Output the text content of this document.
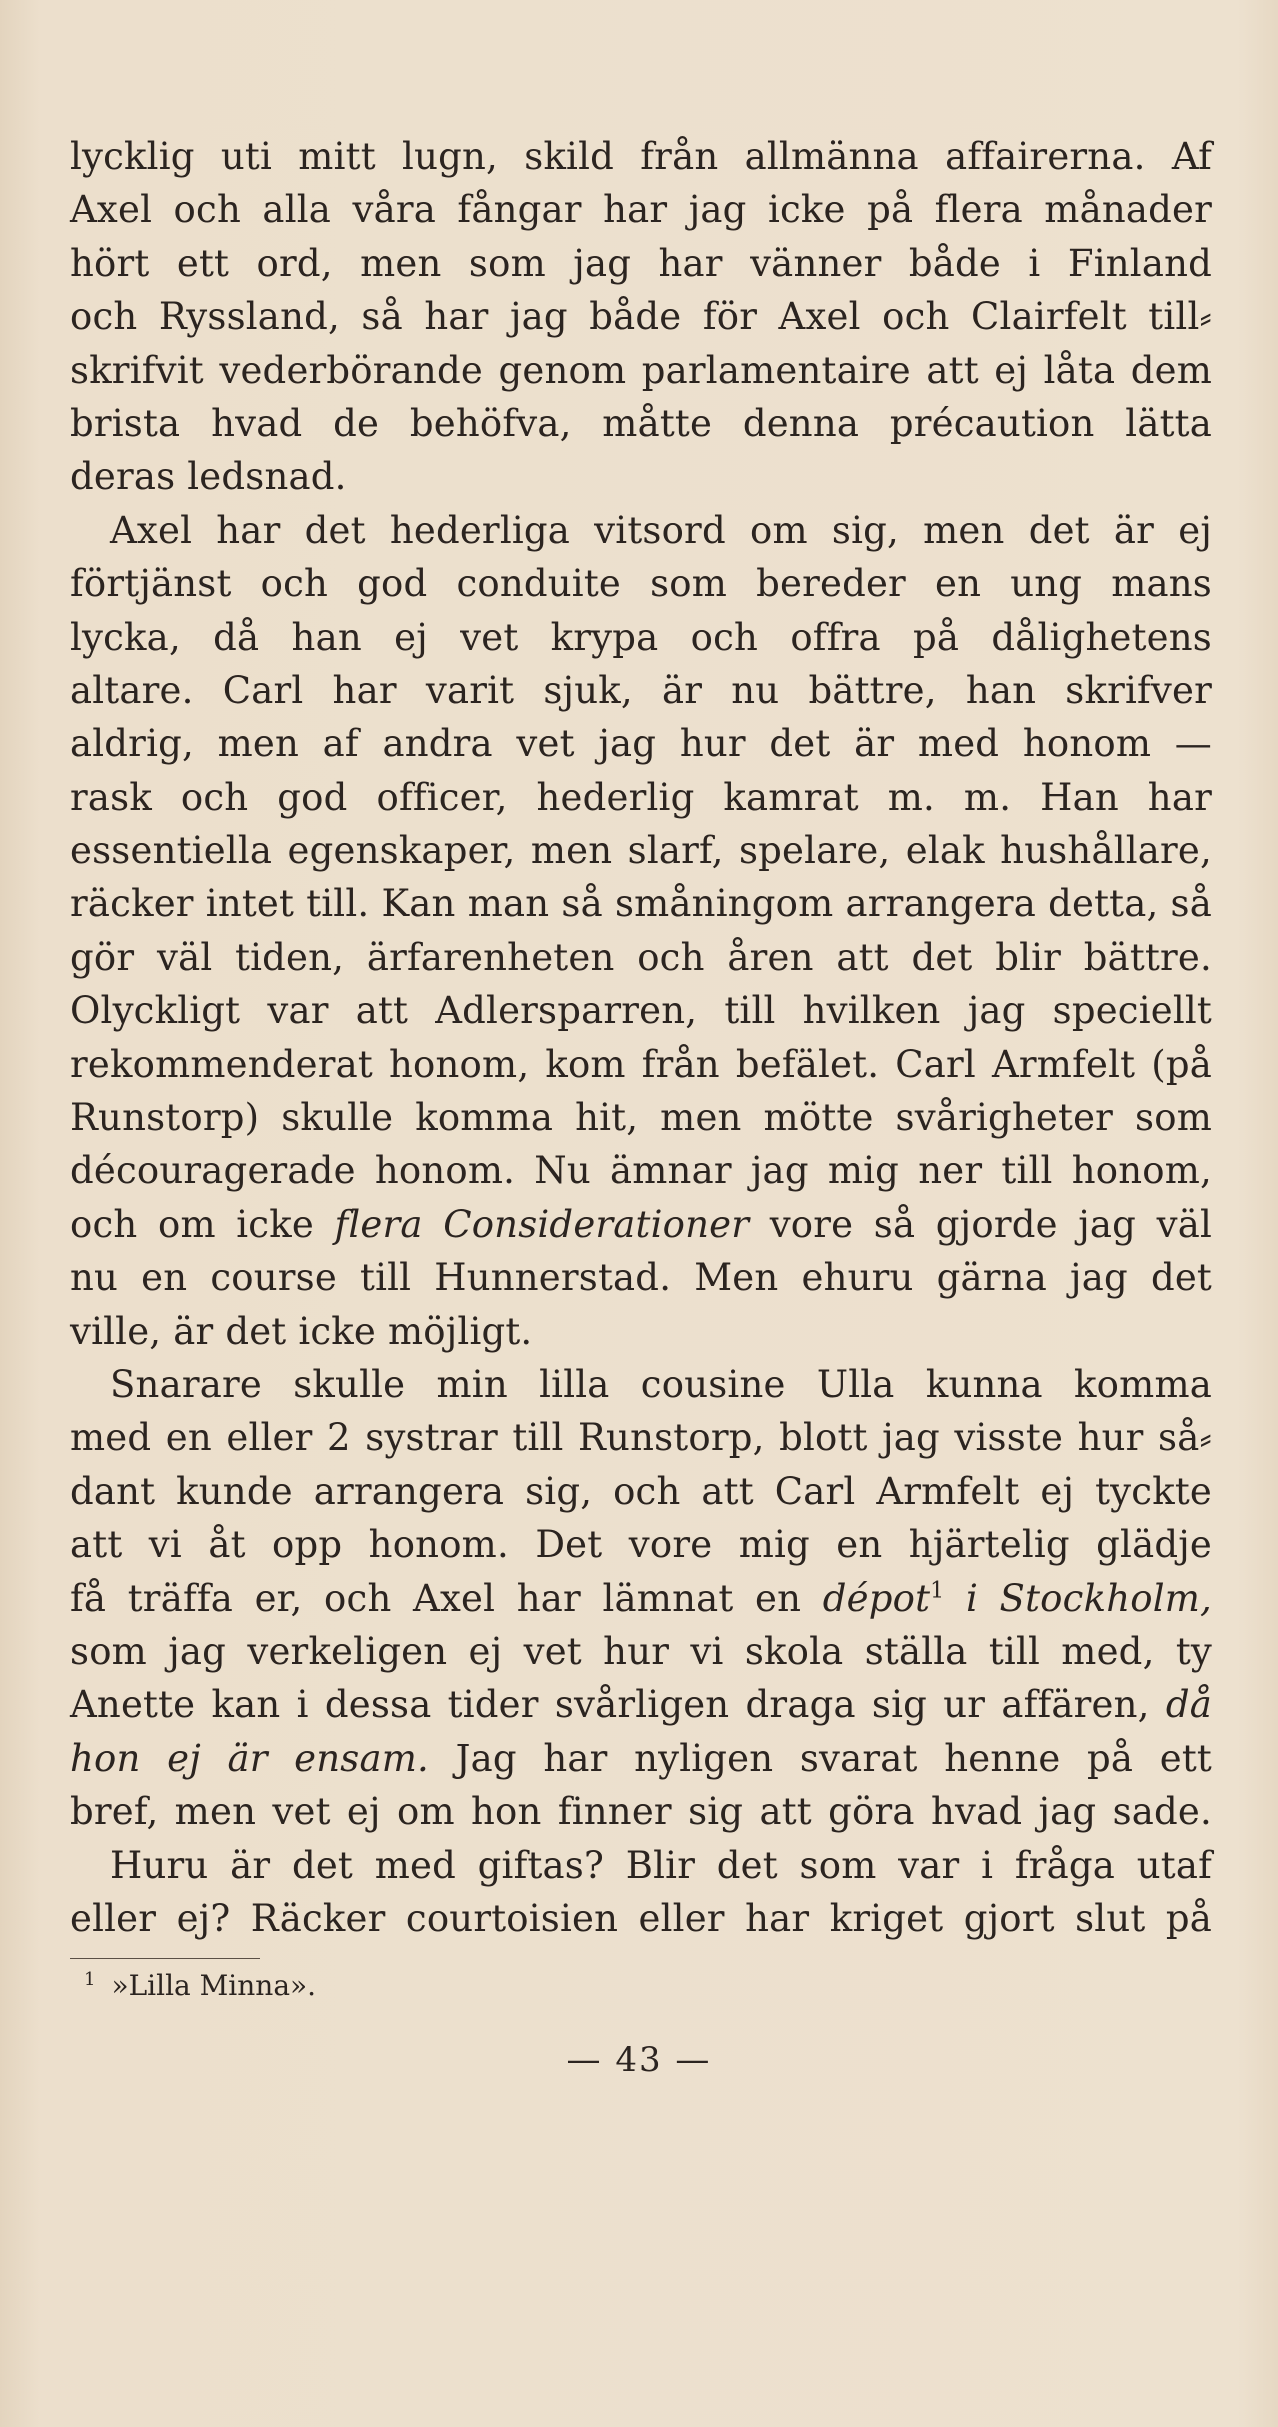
lycklig uti mitt lugn, skild från allmänna affairerna. Af
Axel och alla våra fångar har jag icke på flera månader
hört ett ord, men som jag har vänner både i Finland
och Ryssland, så har jag både för Axel och Clairfelt till⸗
skrifvit vederbörande genom parlamentaire att ej låta dem
brista hvad de behöfva, måtte denna précaution lätta
deras ledsnad.
Axel har det hederliga vitsord om sig, men det är ej
förtjänst och god conduite som bereder en ung mans
lycka, då han ej vet krypa och offra på dålighetens
altare. Carl har varit sjuk, är nu bättre, han skrifver
aldrig, men af andra vet jag hur det är med honom —
rask och god officer, hederlig kamrat m. m. Han har
essentiella egenskaper, men slarf, spelare, elak hushållare,
räcker intet till. Kan man så småningom arrangera detta, så
gör väl tiden, ärfarenheten och åren att det blir bättre.
Olyckligt var att Adlersparren, till hvilken jag speciellt
rekommenderat honom, kom från befälet. Carl Armfelt (på
Runstorp) skulle komma hit, men mötte svårigheter som
découragerade honom. Nu ämnar jag mig ner till honom,
och om icke flera Considerationer vore så gjorde jag väl
nu en course till Hunnerstad. Men ehuru gärna jag det
ville, är det icke möjligt.
Snarare skulle min lilla cousine Ulla kunna komma
med en eller 2 systrar till Runstorp, blott jag visste hur så⸗
dant kunde arrangera sig, och att Carl Armfelt ej tyckte
att vi åt opp honom. Det vore mig en hjärtelig glädje
få träffa er, och Axel har lämnat en dépot$^1$ i Stockholm,
som jag verkeligen ej vet hur vi skola ställa till med, ty
Anette kan i dessa tider svårligen draga sig ur affären, då
hon ej är ensam. Jag har nyligen svarat henne på ett
bref, men vet ej om hon finner sig att göra hvad jag sade.
Huru är det med giftas? Blir det som var i fråga utaf
eller ej? Räcker courtoisien eller har kriget gjort slut på
$^1$ »Lilla Minna».
— 43 —
